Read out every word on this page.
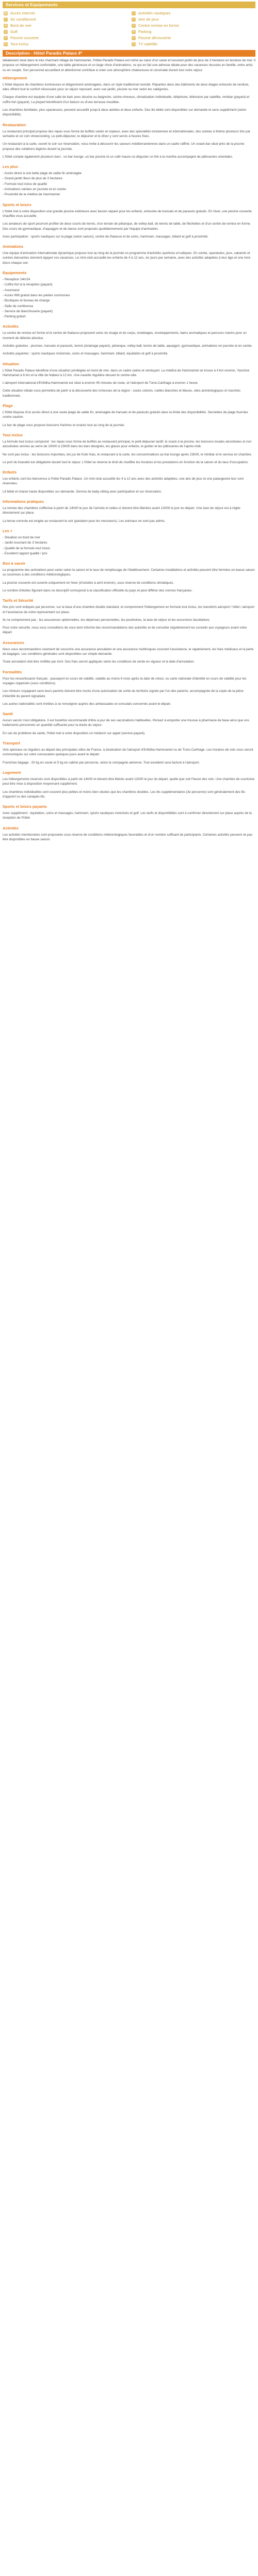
Services et Equipements
@ Accès internet	~ Activités nautiques
*	Air conditionné	^	Aire de jeux
& Bord de mer	+ Centre remise en forme
)	Golf	P Parking
≈ Piscine couverte	≈ Piscine découverte
∞ Tout inclus	□ TV satellite
Description - Hôtel Paradis Palace 4*
Idéalement situé dans le très charmant village de Hammamet, l'Hôtel Paradis Palace est niché au cœur d'un vaste et luxuriant jardin de plus de 3 hectares en bordure de mer. Il propose un hébergement confortable, une table généreuse et un large choix d'animations, ce qui en fait une adresse idéale pour des vacances réussies en famille, entre amis ou en couple. Son personnel accueillant et attentionné contribue à créer une atmosphère chaleureuse et conviviale durant tout votre séjour.
Hébergement
L'hôtel dispose de chambres lumineuses et élégamment aménagées, dans un style traditionnel revisité. Réparties dans des bâtiments de deux étages entourés de verdure, elles offrent tout le confort nécessaire pour un séjour reposant, avec vue jardin, piscine ou mer selon les catégories.
Chaque chambre est équipée d'une salle de bain avec douche ou baignoire, sèche-cheveux, climatisation individuelle, téléphone, télévision par satellite, minibar (payant) et coffre-fort (payant). La plupart bénéficient d'un balcon ou d'une terrasse meublée.
Les chambres familiales, plus spacieuses, peuvent accueillir jusqu'à deux adultes et deux enfants. Des lits bébé sont disponibles sur demande et sans supplément (selon disponibilité).
Restauration
Le restaurant principal propose des repas sous forme de buffets variés et copieux, avec des spécialités tunisiennes et internationales, des soirées à thème plusieurs fois par semaine et un coin showcooking. Le petit-déjeuner, le déjeuner et le dîner y sont servis à heures fixes.
Un restaurant à la carte, ouvert le soir sur réservation, vous invite à découvrir les saveurs méditerranéennes dans un cadre raffiné. Un snack-bar situé près de la piscine propose des collations légères durant la journée.
L'hôtel compte également plusieurs bars : un bar lounge, un bar piscine et un café maure où déguster un thé à la menthe accompagné de pâtisseries orientales.
Les plus
- Accès direct à une belle plage de sable fin aménagée
- Grand jardin fleuri de plus de 3 hectares
- Formule tout inclus de qualité
- Animations variées en journée et en soirée
- Proximité de la médina de Hammamet
Sports et loisirs
L'hôtel met à votre disposition une grande piscine extérieure avec bassin séparé pour les enfants, entourée de transats et de parasols gratuits. En hiver, une piscine couverte chauffée vous accueille.
Les amateurs de sport pourront profiter de deux courts de tennis, d'un terrain de pétanque, de volley-ball, de tennis de table, de fléchettes et d'un centre de remise en forme. Des cours de gymnastique, d'aquagym et de danse sont proposés quotidiennement par l'équipe d'animation.
Avec participation : sports nautiques sur la plage (selon saison), centre de thalasso et de soins, hammam, massages, billard et golf à proximité.
Animations
Une équipe d'animation internationale dynamique propose tout au long de la journée un programme d'activités sportives et ludiques. En soirée, spectacles, jeux, cabarets et soirées dansantes viennent égayer vos vacances. Le mini-club accueille les enfants de 4 à 12 ans, six jours par semaine, avec des activités adaptées à leur âge et une mini-disco chaque soir.
Equipements
- Réception 24h/24
- Coffre-fort à la réception (payant)
- Ascenseur
- Accès Wifi gratuit dans les parties communes
- Boutiques et bureau de change
- Salle de conférence
- Service de blanchisserie (payant)
- Parking gratuit
Activités
Le centre de remise en forme et le centre de thalasso proposent soins du visage et du corps, modelages, enveloppements, bains aromatiques et parcours marins pour un moment de détente absolue.
Activités gratuites : piscines, transats et parasols, tennis (éclairage payant), pétanque, volley-ball, tennis de table, aquagym, gymnastique, animations en journée et en soirée.
Activités payantes : sports nautiques motorisés, soins et massages, hammam, billard, équitation et golf à proximité.
Situation
L'hôtel Paradis Palace bénéficie d'une situation privilégiée en bord de mer, dans un cadre calme et verdoyant. La médina de Hammamet se trouve à 4 km environ, Yasmine Hammamet à 6 km et la ville de Nabeul à 12 km. Une navette régulière dessert le centre-ville.
L'aéroport international d'Enfidha-Hammamet est situé à environ 45 minutes de route, et l'aéroport de Tunis-Carthage à environ 1 heure.
Cette situation idéale vous permettra de partir à la découverte des richesses de la région : souks colorés, ruelles blanches et bleues, sites archéologiques et marchés traditionnels.
Plage
L'hôtel dispose d'un accès direct à une vaste plage de sable fin, aménagée de transats et de parasols gratuits dans la limite des disponibilités. Serviettes de plage fournies contre caution.
Le bar de plage vous propose boissons fraîches et snacks tout au long de la journée.
Tout inclus
La formule tout inclus comprend : les repas sous forme de buffets au restaurant principal, le petit-déjeuner tardif, le snack à la piscine, les boissons locales alcoolisées et non alcoolisées servies au verre de 10h00 à 23h00 dans les bars désignés, les glaces pour enfants, le goûter et les pâtisseries de l'après-midi.
Ne sont pas inclus : les boissons importées, les jus de fruits frais, le restaurant à la carte, les consommations au bar lounge après 23h00, le minibar et le service en chambre.
Le port du bracelet est obligatoire durant tout le séjour. L'hôtel se réserve le droit de modifier les horaires et les prestations en fonction de la saison et du taux d'occupation.
Enfants
Les enfants sont les bienvenus à l'hôtel Paradis Palace. Un mini-club accueille les 4 à 12 ans avec des activités adaptées, une aire de jeux et une pataugeoire leur sont réservées.
Lit bébé et chaise haute disponibles sur demande. Service de baby-sitting avec participation et sur réservation.
Informations pratiques
La remise des chambres s'effectue à partir de 14h00 le jour de l'arrivée et celles-ci doivent être libérées avant 12h00 le jour du départ. Une taxe de séjour est à régler directement sur place.
La tenue correcte est exigée au restaurant le soir (pantalon pour les messieurs). Les animaux ne sont pas admis.
Les +
- Situation en bord de mer
- Jardin luxuriant de 3 hectares
- Qualité de la formule tout inclus
- Excellent rapport qualité / prix
Bon à savoir
Le programme des animations peut varier selon la saison et le taux de remplissage de l'établissement. Certaines installations et activités peuvent être fermées en basse saison ou soumises à des conditions météorologiques.
La piscine couverte est ouverte uniquement en hiver (d'octobre à avril environ), sous réserve de conditions climatiques.
Le nombre d'étoiles figurant dans ce descriptif correspond à la classification officielle du pays et peut différer des normes françaises.
Tarifs et Sécurité
Nos prix sont indiqués par personne, sur la base d'une chambre double standard, et comprennent l'hébergement en formule tout inclus, les transferts aéroport / hôtel / aéroport et l'assistance de notre représentant sur place.
Ils ne comprennent pas : les assurances optionnelles, les dépenses personnelles, les pourboires, la taxe de séjour et les excursions facultatives.
Pour votre sécurité, nous vous conseillons de vous tenir informé des recommandations des autorités et de consulter régulièrement les conseils aux voyageurs avant votre départ.
Assurances
Nous vous recommandons vivement de souscrire une assurance annulation et une assurance multirisques couvrant l'assistance, le rapatriement, les frais médicaux et la perte de bagages. Les conditions générales sont disponibles sur simple demande.
Toute annulation doit être notifiée par écrit. Des frais seront appliqués selon les conditions de vente en vigueur et la date d'annulation.
Formalités
Pour les ressortissants français : passeport en cours de validité, valable au moins 6 mois après la date de retour, ou carte nationale d'identité en cours de validité pour les voyages organisés (sous conditions).
Les mineurs voyageant sans leurs parents doivent être munis d'une autorisation de sortie du territoire signée par l'un des parents, accompagnée de la copie de la pièce d'identité du parent signataire.
Les autres nationalités sont invitées à se renseigner auprès des ambassades et consulats concernés avant le départ.
Santé
Aucun vaccin n'est obligatoire. Il est toutefois recommandé d'être à jour de ses vaccinations habituelles. Pensez à emporter une trousse à pharmacie de base ainsi que vos traitements personnels en quantité suffisante pour la durée du séjour.
En cas de problème de santé, l'hôtel met à votre disposition un médecin sur appel (service payant).
Transport
Vols spéciaux ou réguliers au départ des principales villes de France, à destination de l'aéroport d'Enfidha-Hammamet ou de Tunis-Carthage. Les horaires de vols vous seront communiqués sur votre convocation quelques jours avant le départ.
Franchise bagage : 20 kg en soute et 5 kg en cabine par personne, selon la compagnie aérienne. Tout excédent sera facturé à l'aéroport.
Logement
Les hébergements réservés sont disponibles à partir de 14h00 et doivent être libérés avant 12h00 le jour du départ, quelle que soit l'heure des vols. Une chambre de courtoisie peut être mise à disposition moyennant supplément.
Les chambres individuelles sont souvent plus petites et moins bien situées que les chambres doubles. Les lits supplémentaires (3e personne) sont généralement des lits d'appoint ou des canapés-lits.
Sports et loisirs payants
Avec supplément : équitation, soins et massages, hammam, sports nautiques motorisés et golf. Les tarifs et disponibilités sont à confirmer directement sur place auprès de la réception de l'hôtel.
Activités
Les activités mentionnées sont proposées sous réserve de conditions météorologiques favorables et d'un nombre suffisant de participants. Certaines activités peuvent ne pas être disponibles en basse saison.
